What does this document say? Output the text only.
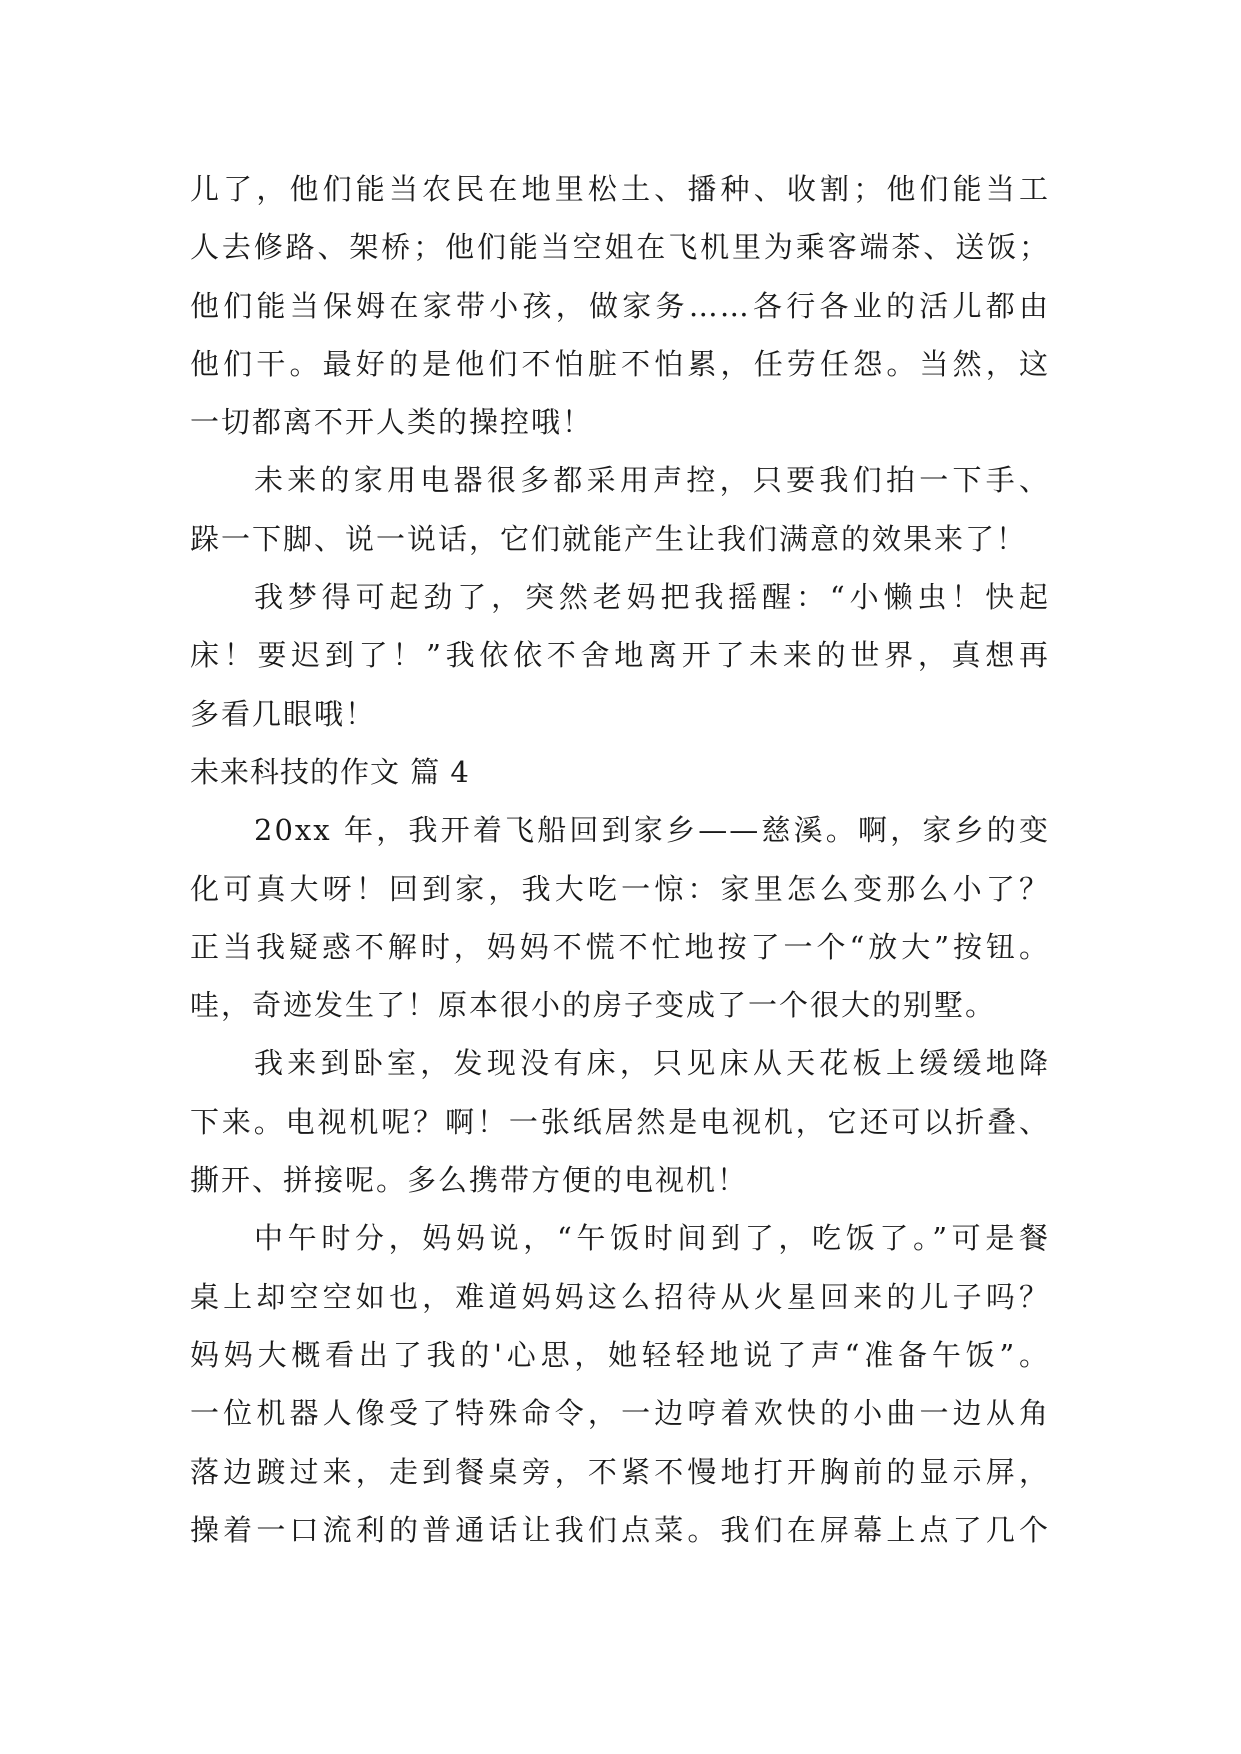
儿了，他们能当农民在地里松土、播种、收割；他们能当工
人去修路、架桥；他们能当空姐在飞机里为乘客端茶、送饭；
他们能当保姆在家带小孩，做家务……各行各业的活儿都由
他们干。最好的是他们不怕脏不怕累，任劳任怨。当然，这
一切都离不开人类的操控哦！
未来的家用电器很多都采用声控，只要我们拍一下手、
跺一下脚、说一说话，它们就能产生让我们满意的效果来了！
我梦得可起劲了，突然老妈把我摇醒：“小懒虫！快起
床！要迟到了！”我依依不舍地离开了未来的世界，真想再
多看几眼哦！
未来科技的作文 篇 4
20xx 年，我开着飞船回到家乡——慈溪。啊，家乡的变
化可真大呀！回到家，我大吃一惊：家里怎么变那么小了？
正当我疑惑不解时，妈妈不慌不忙地按了一个“放大”按钮。
哇，奇迹发生了！原本很小的房子变成了一个很大的别墅。
我来到卧室，发现没有床，只见床从天花板上缓缓地降
下来。电视机呢？啊！一张纸居然是电视机，它还可以折叠、
撕开、拼接呢。多么携带方便的电视机！
中午时分，妈妈说，“午饭时间到了，吃饭了。”可是餐
桌上却空空如也，难道妈妈这么招待从火星回来的儿子吗？
妈妈大概看出了我的'心思，她轻轻地说了声“准备午饭”。
一位机器人像受了特殊命令，一边哼着欢快的小曲一边从角
落边踱过来，走到餐桌旁，不紧不慢地打开胸前的显示屏，
操着一口流利的普通话让我们点菜。我们在屏幕上点了几个
